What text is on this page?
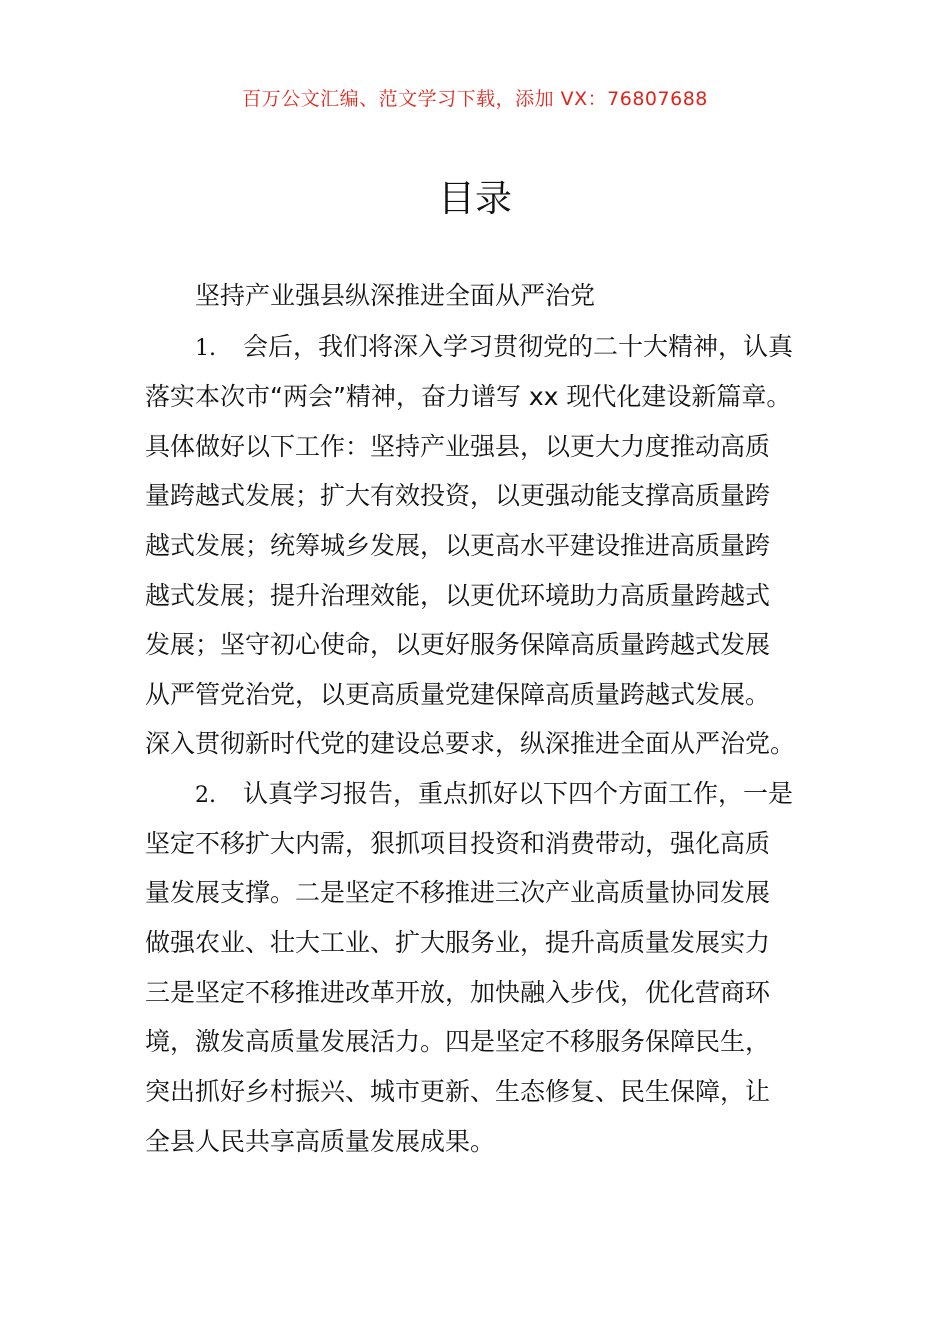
百万公文汇编、范文学习下载，添加 VX：76807688
目录
坚持产业强县纵深推进全面从严治党
1. 会后，我们将深入学习贯彻党的二十大精神，认真
落实本次市“两会”精神，奋力谱写 xx 现代化建设新篇章。
具体做好以下工作：坚持产业强县，以更大力度推动高质
量跨越式发展；扩大有效投资，以更强动能支撑高质量跨
越式发展；统筹城乡发展，以更高水平建设推进高质量跨
越式发展；提升治理效能，以更优环境助力高质量跨越式
发展；坚守初心使命，以更好服务保障高质量跨越式发展
从严管党治党，以更高质量党建保障高质量跨越式发展。
深入贯彻新时代党的建设总要求，纵深推进全面从严治党。
2. 认真学习报告，重点抓好以下四个方面工作，一是
坚定不移扩大内需，狠抓项目投资和消费带动，强化高质
量发展支撑。二是坚定不移推进三次产业高质量协同发展
做强农业、壮大工业、扩大服务业，提升高质量发展实力
三是坚定不移推进改革开放，加快融入步伐，优化营商环
境，激发高质量发展活力。四是坚定不移服务保障民生，
突出抓好乡村振兴、城市更新、生态修复、民生保障，让
全县人民共享高质量发展成果。
